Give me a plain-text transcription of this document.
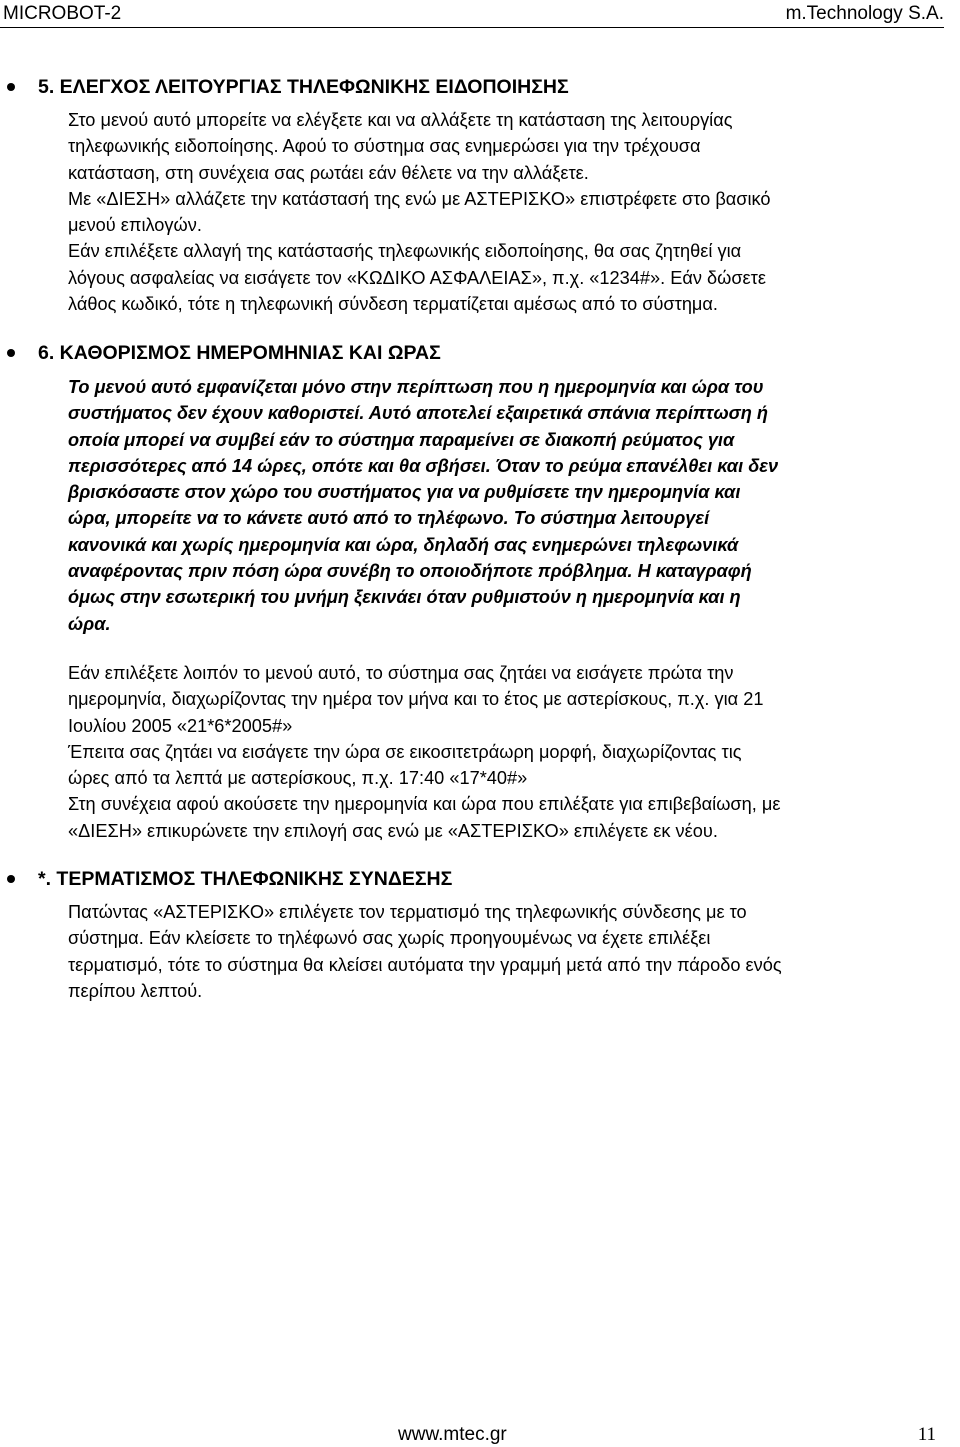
MICROBOT-2	m.Technology S.A.
5. ΕΛΕΓΧΟΣ ΛΕΙΤΟΥΡΓΙΑΣ ΤΗΛΕΦΩΝΙΚΗΣ ΕΙΔΟΠΟΙΗΣΗΣ

Στο μενού αυτό μπορείτε να ελέγξετε και να αλλάξετε τη κατάσταση της λειτουργίας

τηλεφωνικής ειδοποίησης. Αφού το σύστημα σας ενημερώσει για την τρέχουσα

κατάσταση, στη συνέχεια σας ρωτάει εάν θέλετε να την αλλάξετε.

Με «ΔΙΕΣΗ» αλλάζετε την κατάστασή της ενώ με ΑΣΤΕΡΙΣΚΟ» επιστρέφετε στο βασικό

μενού επιλογών.

Εάν επιλέξετε αλλαγή της κατάστασής τηλεφωνικής ειδοποίησης, θα σας ζητηθεί για

λόγους ασφαλείας να εισάγετε τον «ΚΩΔΙΚΟ ΑΣΦΑΛΕΙΑΣ», π.χ. «1234#». Εάν δώσετε

λάθος κωδικό, τότε η τηλεφωνική σύνδεση τερματίζεται αμέσως από το σύστημα.

6. ΚΑΘΟΡΙΣΜΟΣ ΗΜΕΡΟΜΗΝΙΑΣ ΚΑΙ ΩΡΑΣ

Το μενού αυτό εμφανίζεται μόνο στην περίπτωση που η ημερομηνία και ώρα του

συστήματος δεν έχουν καθοριστεί. Αυτό αποτελεί εξαιρετικά σπάνια περίπτωση ή

οποία μπορεί να συμβεί εάν το σύστημα παραμείνει σε διακοπή ρεύματος για

περισσότερες από 14 ώρες, οπότε και θα σβήσει. Όταν το ρεύμα επανέλθει και δεν

βρισκόσαστε στον χώρο του συστήματος για να ρυθμίσετε την ημερομηνία και

ώρα, μπορείτε να το κάνετε αυτό από το τηλέφωνο. Το σύστημα λειτουργεί

κανονικά και χωρίς ημερομηνία και ώρα, δηλαδή σας ενημερώνει τηλεφωνικά

αναφέροντας πριν πόση ώρα συνέβη το οποιοδήποτε πρόβλημα. Η καταγραφή

όμως στην εσωτερική του μνήμη ξεκινάει όταν ρυθμιστούν η ημερομηνία και η

ώρα.

Εάν επιλέξετε λοιπόν το μενού αυτό, το σύστημα σας ζητάει να εισάγετε πρώτα την

ημερομηνία, διαχωρίζοντας την ημέρα τον μήνα και το έτος με αστερίσκους, π.χ. για 21

Ιουλίου 2005 «21*6*2005#»

Έπειτα σας ζητάει να εισάγετε την ώρα σε εικοσιτετράωρη μορφή, διαχωρίζοντας τις

ώρες από τα λεπτά με αστερίσκους, π.χ. 17:40 «17*40#»

Στη συνέχεια αφού ακούσετε την ημερομηνία και ώρα που επιλέξατε για επιβεβαίωση, με

«ΔΙΕΣΗ» επικυρώνετε την επιλογή σας ενώ με «ΑΣΤΕΡΙΣΚΟ» επιλέγετε εκ νέου.

*. ΤΕΡΜΑΤΙΣΜΟΣ ΤΗΛΕΦΩΝΙΚΗΣ ΣΥΝΔΕΣΗΣ

Πατώντας «ΑΣΤΕΡΙΣΚΟ» επιλέγετε τον τερματισμό της τηλεφωνικής σύνδεσης με το

σύστημα. Εάν κλείσετε το τηλέφωνό σας χωρίς προηγουμένως να έχετε επιλέξει

τερματισμό, τότε το σύστημα θα κλείσει αυτόματα την γραμμή μετά από την πάροδο ενός

περίπου λεπτού.

www.mtec.gr	11
